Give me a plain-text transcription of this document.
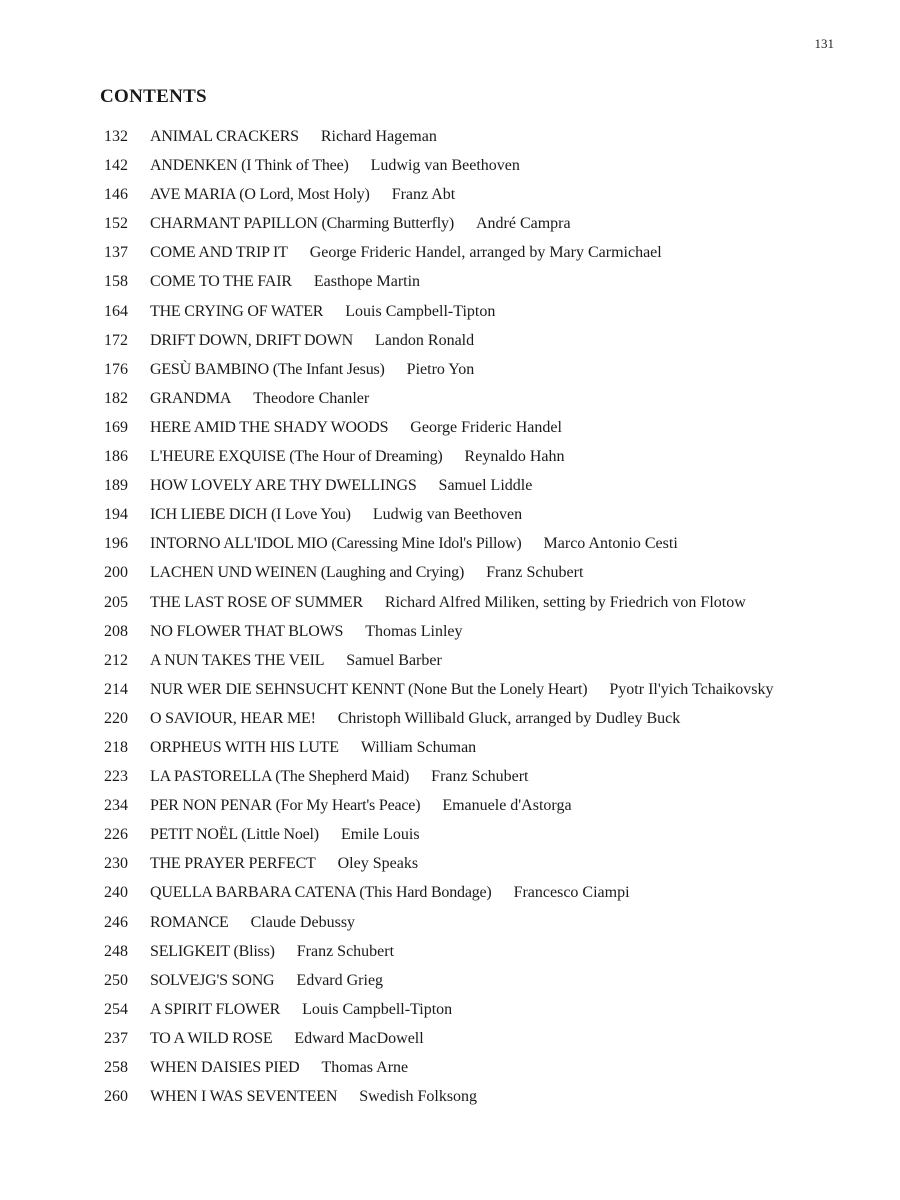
131
CONTENTS
132 ANIMAL CRACKERS Richard Hageman
142 ANDENKEN (I Think of Thee) Ludwig van Beethoven
146 AVE MARIA (O Lord, Most Holy) Franz Abt
152 CHARMANT PAPILLON (Charming Butterfly) André Campra
137 COME AND TRIP IT George Frideric Handel, arranged by Mary Carmichael
158 COME TO THE FAIR Easthope Martin
164 THE CRYING OF WATER Louis Campbell-Tipton
172 DRIFT DOWN, DRIFT DOWN Landon Ronald
176 GESÙ BAMBINO (The Infant Jesus) Pietro Yon
182 GRANDMA Theodore Chanler
169 HERE AMID THE SHADY WOODS George Frideric Handel
186 L'HEURE EXQUISE (The Hour of Dreaming) Reynaldo Hahn
189 HOW LOVELY ARE THY DWELLINGS Samuel Liddle
194 ICH LIEBE DICH (I Love You) Ludwig van Beethoven
196 INTORNO ALL'IDOL MIO (Caressing Mine Idol's Pillow) Marco Antonio Cesti
200 LACHEN UND WEINEN (Laughing and Crying) Franz Schubert
205 THE LAST ROSE OF SUMMER Richard Alfred Miliken, setting by Friedrich von Flotow
208 NO FLOWER THAT BLOWS Thomas Linley
212 A NUN TAKES THE VEIL Samuel Barber
214 NUR WER DIE SEHNSUCHT KENNT (None But the Lonely Heart) Pyotr Il'yich Tchaikovsky
220 O SAVIOUR, HEAR ME! Christoph Willibald Gluck, arranged by Dudley Buck
218 ORPHEUS WITH HIS LUTE William Schuman
223 LA PASTORELLA (The Shepherd Maid) Franz Schubert
234 PER NON PENAR (For My Heart's Peace) Emanuele d'Astorga
226 PETIT NOËL (Little Noel) Emile Louis
230 THE PRAYER PERFECT Oley Speaks
240 QUELLA BARBARA CATENA (This Hard Bondage) Francesco Ciampi
246 ROMANCE Claude Debussy
248 SELIGKEIT (Bliss) Franz Schubert
250 SOLVEJG'S SONG Edvard Grieg
254 A SPIRIT FLOWER Louis Campbell-Tipton
237 TO A WILD ROSE Edward MacDowell
258 WHEN DAISIES PIED Thomas Arne
260 WHEN I WAS SEVENTEEN Swedish Folksong
